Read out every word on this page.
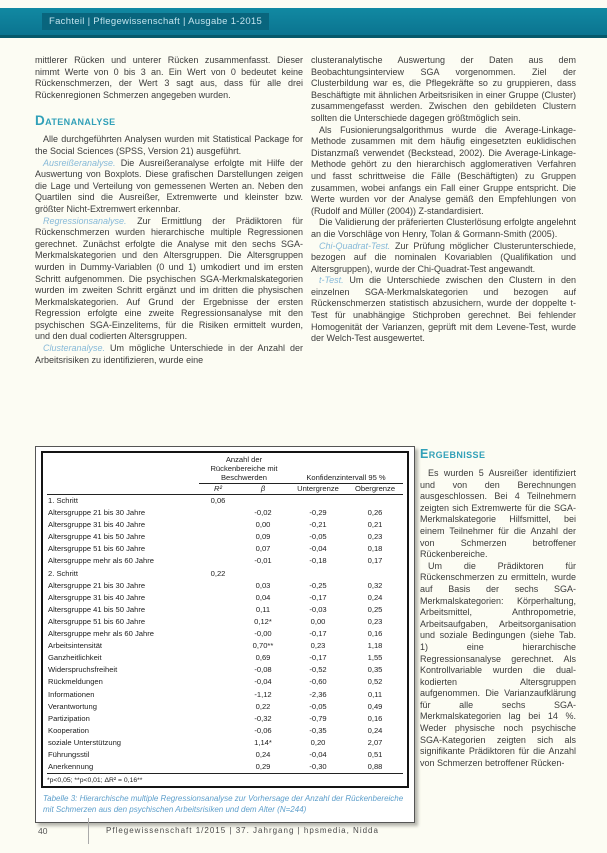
Fachteil | Pflegewissenschaft | Ausgabe 1-2015

mittlerer Rücken und unterer Rücken zusammenfasst. Dieser nimmt Werte von 0 bis 3 an. Ein Wert von 0 bedeutet keine Rückenschmerzen, der Wert 3 sagt aus, dass für alle drei Rückenregionen Schmerzen angegeben wurden.

Datenanalyse

Alle durchgeführten Analysen wurden mit Statistical Package for the Social Sciences (SPSS, Version 21) ausgeführt.

Ausreißeranalyse. Die Ausreißeranalyse erfolgte mit Hilfe der Auswertung von Boxplots. Diese grafischen Darstellungen zeigen die Lage und Verteilung von gemessenen Werten an. Neben den Quartilen sind die Ausreißer, Extremwerte und kleinster bzw. größter Nicht-Extremwert erkennbar.

Regressionsanalyse. Zur Ermittlung der Prädiktoren für Rückenschmerzen wurden hierarchische multiple Regressionen gerechnet. Zunächst erfolgte die Analyse mit den sechs SGA-Merkmalskategorien und den Altersgruppen. Die Altersgruppen wurden in Dummy-Variablen (0 und 1) umkodiert und im ersten Schritt aufgenommen. Die psychischen SGA-Merkmalskategorien wurden im zweiten Schritt ergänzt und im dritten die physischen Merkmalskategorien. Auf Grund der Ergebnisse der ersten Regression erfolgte eine zweite Regressionsanalyse mit den psychischen SGA-Einzelitems, für die Risiken ermittelt wurden, und den dual codierten Altersgruppen.

Clusteranalyse. Um mögliche Unterschiede in der Anzahl der Arbeitsrisiken zu identifizieren, wurde eine

clusteranalytische Auswertung der Daten aus dem Beobachtungsinterview SGA vorgenommen. Ziel der Clusterbildung war es, die Pflegekräfte so zu gruppieren, dass Beschäftigte mit ähnlichen Arbeitsrisiken in einer Gruppe (Cluster) zusammengefasst werden. Zwischen den gebildeten Clustern sollten die Unterschiede dagegen größtmöglich sein.

Als Fusionierungsalgorithmus wurde die Average-Linkage-Methode zusammen mit dem häufig eingesetzten euklidischen Distanzmaß verwendet (Beckstead, 2002). Die Average-Linkage-Methode gehört zu den hierarchisch agglomerativen Verfahren und fasst schrittweise die Fälle (Beschäftigten) zu Gruppen zusammen, wobei anfangs ein Fall einer Gruppe entspricht. Die Werte wurden vor der Analyse gemäß den Empfehlungen von (Rudolf and Müller (2004)) Z-standardisiert.

Die Validierung der präferierten Clusterlösung erfolgte angelehnt an die Vorschläge von Henry, Tolan & Gormann-Smith (2005).

Chi-Quadrat-Test. Zur Prüfung möglicher Clusterunterschiede, bezogen auf die nominalen Kovariablen (Qualifikation und Altersgruppen), wurde der Chi-Quadrat-Test angewandt.

t-Test. Um die Unterschiede zwischen den Clustern in den einzelnen SGA-Merkmalskategorien und bezogen auf Rückenschmerzen statistisch abzusichern, wurde der doppelte t-Test für unabhängige Stichproben gerechnet. Bei fehlender Homogenität der Varianzen, geprüft mit dem Levene-Test, wurde der Welch-Test ausgewertet.

	Anzahl der Rückenbereiche mit Beschwerden		Konfidenzintervall 95 %	
	R²	β	Untergrenze	Obergrenze
1. Schritt	0,06			
Altersgruppe 21 bis 30 Jahre		-0,02	-0,29	0,26
Altersgruppe 31 bis 40 Jahre		0,00	-0,21	0,21
Altersgruppe 41 bis 50 Jahre		0,09	-0,05	0,23
Altersgruppe 51 bis 60 Jahre		0,07	-0,04	0,18
Altersgruppe mehr als 60 Jahre		-0,01	-0,18	0,17
2. Schritt	0,22			
Altersgruppe 21 bis 30 Jahre		0,03	-0,25	0,32
Altersgruppe 31 bis 40 Jahre		0,04	-0,17	0,24
Altersgruppe 41 bis 50 Jahre		0,11	-0,03	0,25
Altersgruppe 51 bis 60 Jahre		0,12*	0,00	0,23
Altersgruppe mehr als 60 Jahre		-0,00	-0,17	0,16
Arbeitsintensität		0,70**	0,23	1,18
Ganzheitlichkeit		0,69	-0,17	1,55
Widerspruchsfreiheit		-0,08	-0,52	0,35
Rückmeldungen		-0,04	-0,60	0,52
Informationen		-1,12	-2,36	0,11
Verantwortung		0,22	-0,05	0,49
Partizipation		-0,32	-0,79	0,16
Kooperation		-0,06	-0,35	0,24
soziale Unterstützung		1,14*	0,20	2,07
Führungsstil		0,24	-0,04	0,51
Anerkennung		0,29	-0,30	0,88

*p<0,05; **p<0,01; ΔR² = 0,16**

Tabelle 3: Hierarchische multiple Regressionsanalyse zur Vorhersage der Anzahl der Rückenbereiche mit Schmerzen aus den psychischen Arbeitsrisiken und dem Alter (N=244)

Ergebnisse

Es wurden 5 Ausreißer identifiziert und von den Berechnungen ausgeschlossen. Bei 4 Teilnehmern zeigten sich Extremwerte für die SGA-Merkmalskategorie Hilfsmittel, bei einem Teilnehmer für die Anzahl der von Schmerzen betroffener Rückenbereiche.

Um die Prädiktoren für Rückenschmerzen zu ermitteln, wurde auf Basis der sechs SGA-Merkmalskategorien: Körperhaltung, Arbeitsmittel, Anthropometrie, Arbeitsaufgaben, Arbeitsorganisation und soziale Bedingungen (siehe Tab. 1) eine hierarchische Regressionsanalyse gerechnet. Als Kontrollvariable wurden die dual-kodierten Altersgruppen aufgenommen. Die Varianzaufklärung für alle sechs SGA-Merkmalskategorien lag bei 14 %. Weder physische noch psychische SGA-Kategorien zeigten sich als signifikante Prädiktoren für die Anzahl von Schmerzen betroffener Rücken-

40	Pflegewissenschaft 1/2015 | 37. Jahrgang | hpsmedia, Nidda
